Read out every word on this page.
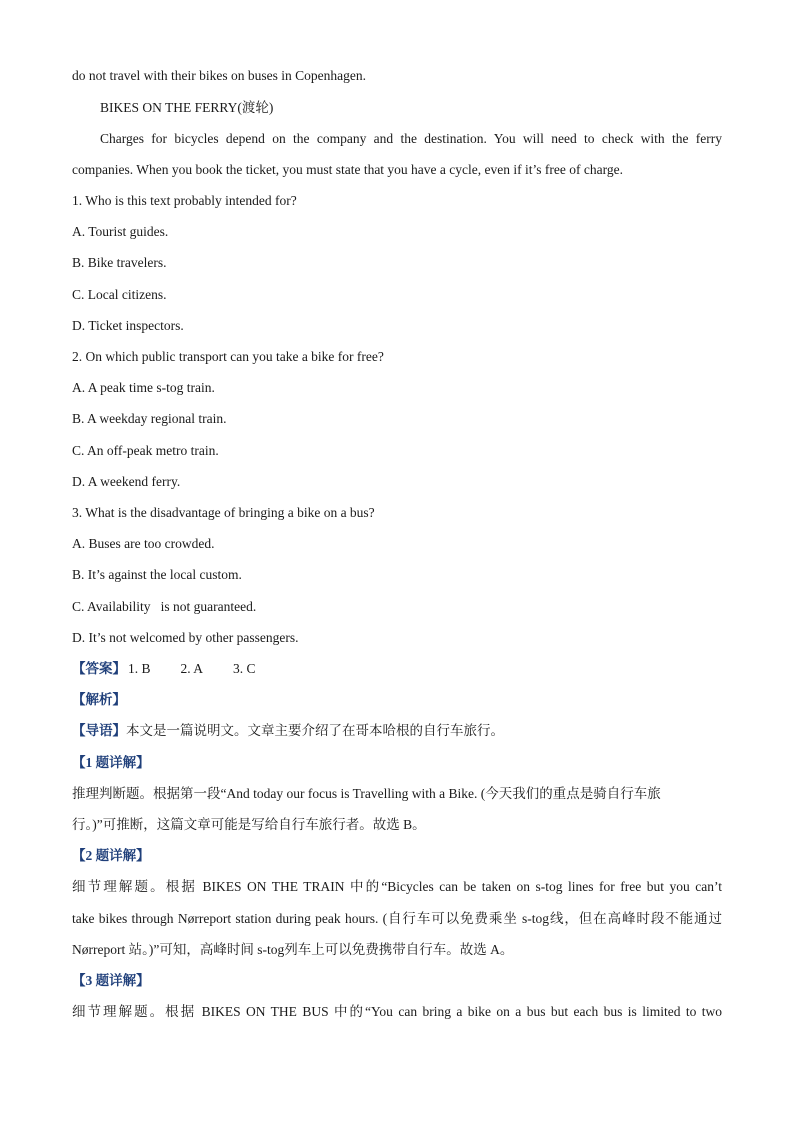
do not travel with their bikes on buses in Copenhagen.
BIKES ON THE FERRY(渡轮)
Charges for bicycles depend on the company and the destination. You will need to check with the ferry
companies. When you book the ticket, you must state that you have a cycle, even if it’s free of charge.
1. Who is this text probably intended for?
A. Tourist guides.
B. Bike travelers.
C. Local citizens.
D. Ticket inspectors.
2. On which public transport can you take a bike for free?
A. A peak time s-tog train.
B. A weekday regional train.
C. An off-peak metro train.
D. A weekend ferry.
3. What is the disadvantage of bringing a bike on a bus?
A. Buses are too crowded.
B. It’s against the local custom.
C. Availability   is not guaranteed.
D. It’s not welcomed by other passengers.
【答案】 1. B 2. A 3. C
【解析】
【导语】本文是一篇说明文。文章主要介绍了在哥本哈根的自行车旅行。
【1 题详解】
推理判断题。根据第一段“And today our focus is Travelling with a Bike. (今天我们的重点是骑自行车旅
行。)”可推断，这篇文章可能是写给自行车旅行者。故选 B。
【2 题详解】
细节理解题。根据 BIKES ON THE TRAIN 中的“Bicycles can be taken on s-tog lines for free but you can’t
take bikes through Nørreport station during peak hours. (自行车可以免费乘坐 s-tog线，但在高峰时段不能通过
Nørreport 站。)”可知，高峰时间 s-tog列车上可以免费携带自行车。故选 A。
【3 题详解】
细节理解题。根据 BIKES ON THE BUS 中的“You can bring a bike on a bus but each bus is limited to two
